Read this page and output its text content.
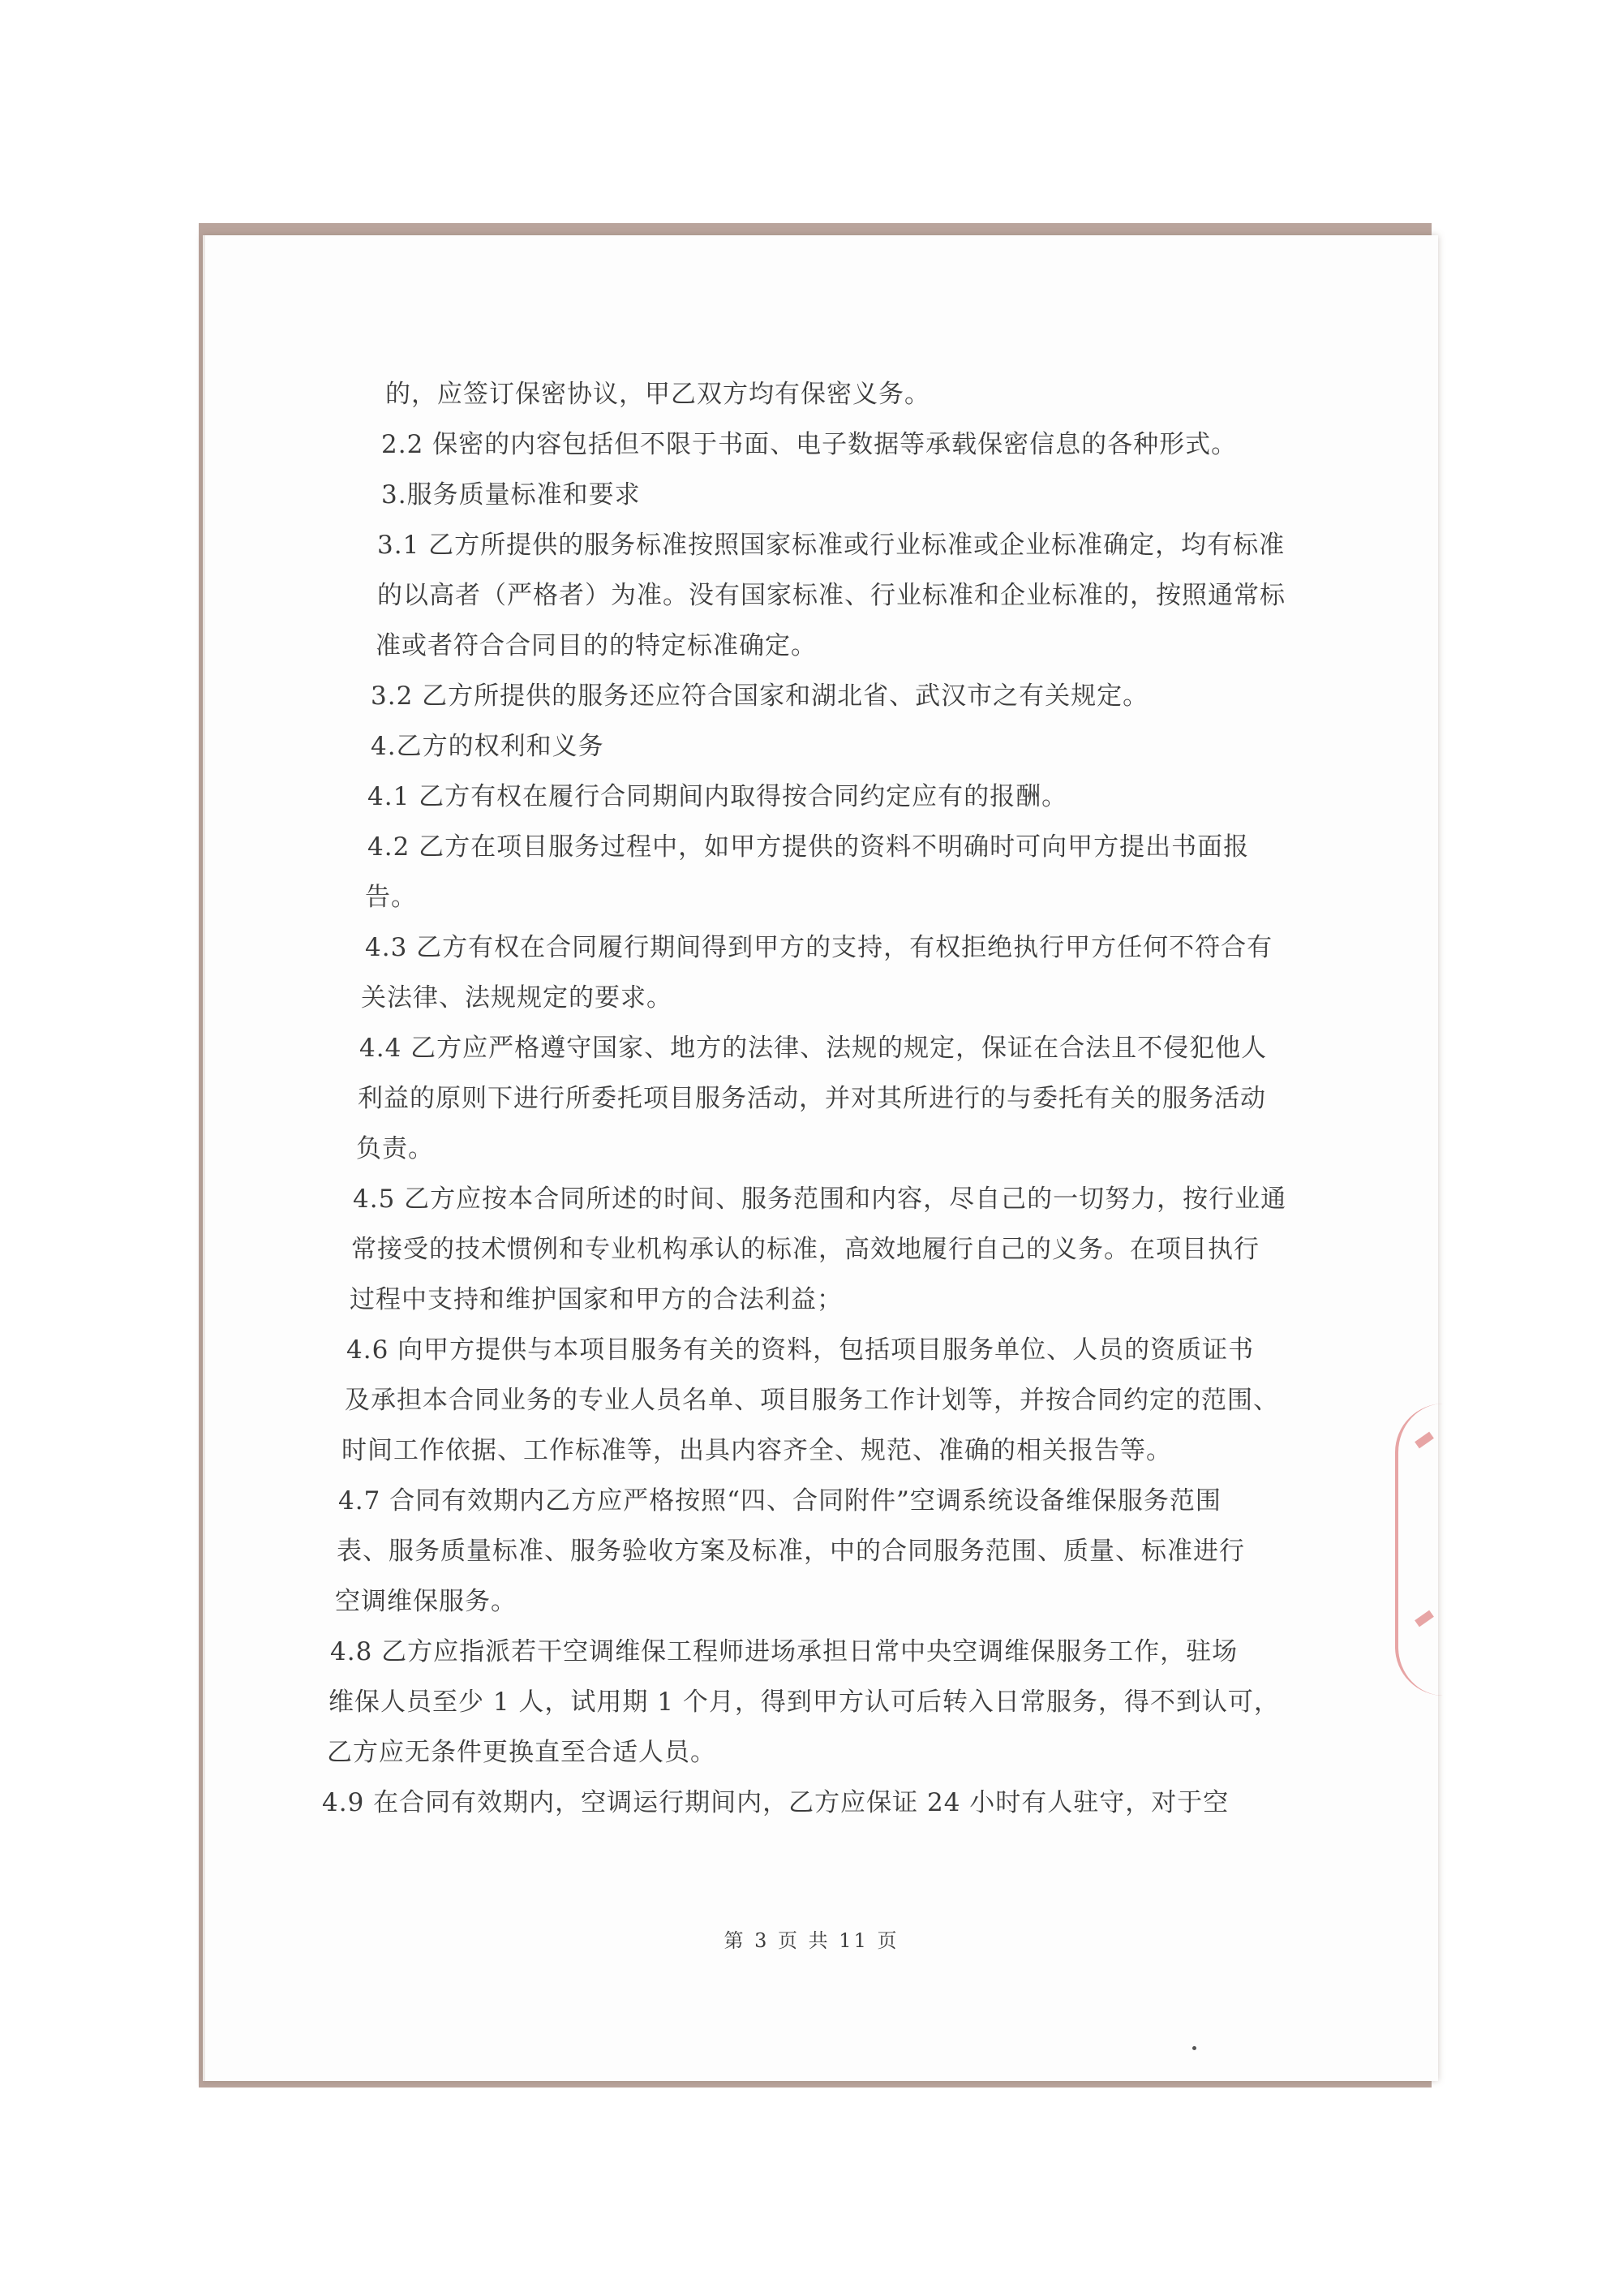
的，应签订保密协议，甲乙双方均有保密义务。
2.2 保密的内容包括但不限于书面、电子数据等承载保密信息的各种形式。
3.服务质量标准和要求
3.1 乙方所提供的服务标准按照国家标准或行业标准或企业标准确定，均有标准
的以高者（严格者）为准。没有国家标准、行业标准和企业标准的，按照通常标
准或者符合合同目的的特定标准确定。
3.2 乙方所提供的服务还应符合国家和湖北省、武汉市之有关规定。
4.乙方的权利和义务
4.1 乙方有权在履行合同期间内取得按合同约定应有的报酬。
4.2 乙方在项目服务过程中，如甲方提供的资料不明确时可向甲方提出书面报
告。
4.3 乙方有权在合同履行期间得到甲方的支持，有权拒绝执行甲方任何不符合有
关法律、法规规定的要求。
4.4 乙方应严格遵守国家、地方的法律、法规的规定，保证在合法且不侵犯他人
利益的原则下进行所委托项目服务活动，并对其所进行的与委托有关的服务活动
负责。
4.5 乙方应按本合同所述的时间、服务范围和内容，尽自己的一切努力，按行业通
常接受的技术惯例和专业机构承认的标准，高效地履行自己的义务。在项目执行
过程中支持和维护国家和甲方的合法利益；
4.6 向甲方提供与本项目服务有关的资料，包括项目服务单位、人员的资质证书
及承担本合同业务的专业人员名单、项目服务工作计划等，并按合同约定的范围、
时间工作依据、工作标准等，出具内容齐全、规范、准确的相关报告等。
4.7 合同有效期内乙方应严格按照“四、合同附件”空调系统设备维保服务范围
表、服务质量标准、服务验收方案及标准，中的合同服务范围、质量、标准进行
空调维保服务。
4.8 乙方应指派若干空调维保工程师进场承担日常中央空调维保服务工作，驻场
维保人员至少 1 人，试用期 1 个月，得到甲方认可后转入日常服务，得不到认可，
乙方应无条件更换直至合适人员。
4.9 在合同有效期内，空调运行期间内，乙方应保证 24 小时有人驻守，对于空
第 3 页 共 11 页
